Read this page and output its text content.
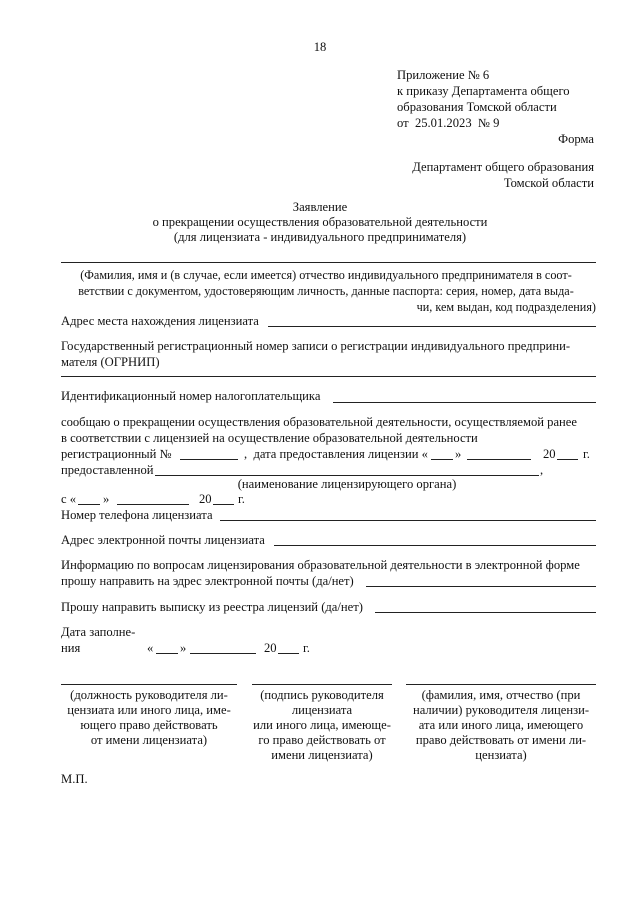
18
Приложение № 6
к приказу Департамента общего
образования Томской области
от 25.01.2023 № 9
Форма
Департамент общего образования
Томской области
Заявление
о прекращении осуществления образовательной деятельности
(для лицензиата - индивидуального предпринимателя)
(Фамилия, имя и (в случае, если имеется) отчество индивидуального предпринимателя в соот-
ветствии с документом, удостоверяющим личность, данные паспорта: серия, номер, дата выда-
чи, кем выдан, код подразделения)
Адрес места нахождения лицензиата
Государственный регистрационный номер записи о регистрации индивидуального предприни-
мателя (ОГРНИП)
Идентификационный номер налогоплательщика
сообщаю о прекращении осуществления образовательной деятельности, осуществляемой ранее
в соответствии с лицензией на осуществление образовательной деятельности
регистрационный №	,  дата предоставления лицензии « »	20 г.
предоставленной	,
(наименование лицензирующего органа)
с « »	20 г.
Номер телефона лицензиата
Адрес электронной почты лицензиата
Информацию по вопросам лицензирования образовательной деятельности в электронной форме
прошу направить на эдрес электронной почты (да/нет)
Прошу направить выписку из реестра лицензий (да/нет)
Дата заполне-
ния	« »	20 г.
(должность руководителя ли-
цензиата или иного лица, име-
ющего право действовать
от имени лицензиата)
(подпись руководителя
лицензиата
или иного лица, имеюще-
го право действовать от
имени лицензиата)
(фамилия, имя, отчество (при
наличии) руководителя лицензи-
ата или иного лица, имеющего
право действовать от имени ли-
цензиата)
М.П.
